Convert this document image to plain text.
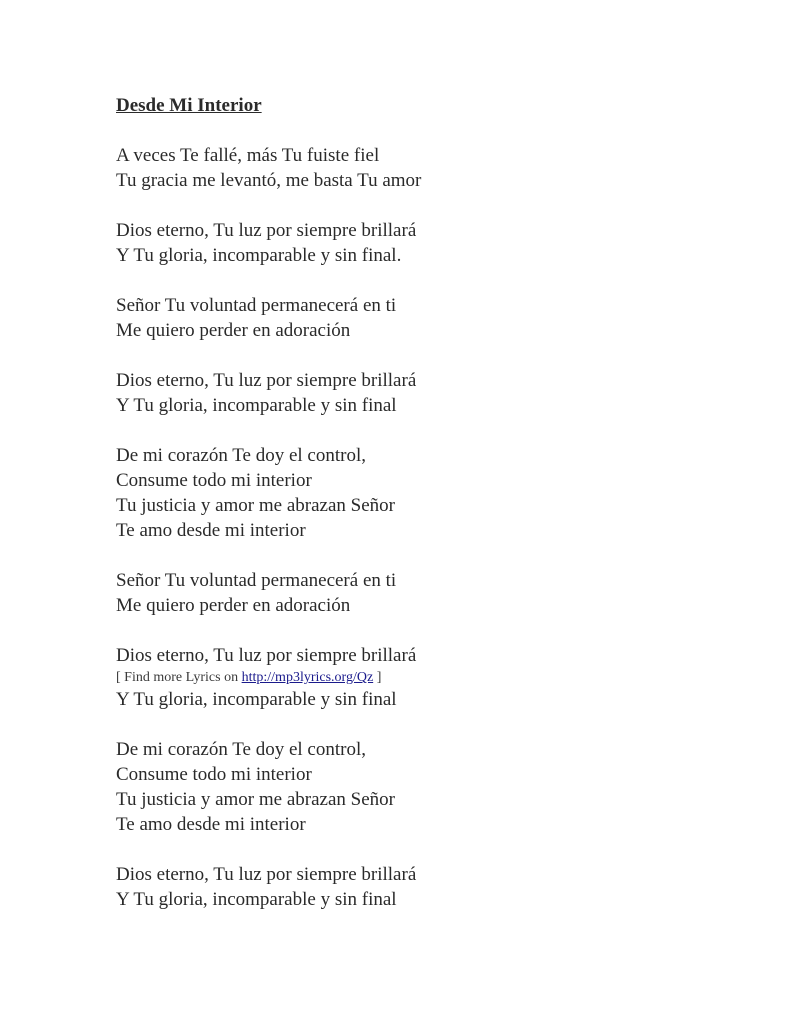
Desde Mi Interior
A veces Te fallé, más Tu fuiste fiel
Tu gracia me levantó, me basta Tu amor
Dios eterno, Tu luz por siempre brillará
Y Tu gloria, incomparable y sin final.
Señor Tu voluntad permanecerá en ti
Me quiero perder en adoración
Dios eterno, Tu luz por siempre brillará
Y Tu gloria, incomparable y sin final
De mi corazón Te doy el control,
Consume todo mi interior
Tu justicia y amor me abrazan Señor
Te amo desde mi interior
Señor Tu voluntad permanecerá en ti
Me quiero perder en adoración
Dios eterno, Tu luz por siempre brillará
[ Find more Lyrics on http://mp3lyrics.org/Qz ]
Y Tu gloria, incomparable y sin final
De mi corazón Te doy el control,
Consume todo mi interior
Tu justicia y amor me abrazan Señor
Te amo desde mi interior
Dios eterno, Tu luz por siempre brillará
Y Tu gloria, incomparable y sin final
